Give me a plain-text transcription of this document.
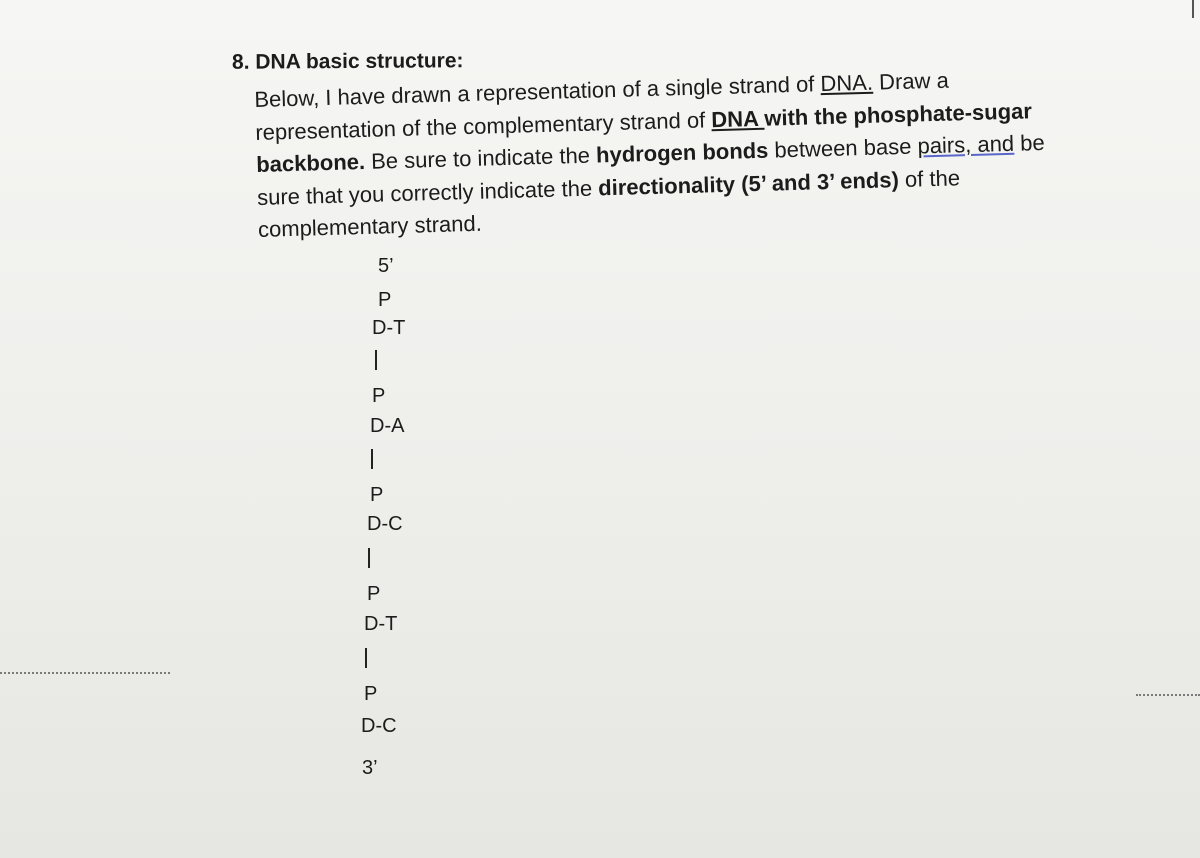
8. DNA basic structure:

Below, I have drawn a representation of a single strand of DNA. Draw a

representation of the complementary strand of DNA with the phosphate-sugar

backbone. Be sure to indicate the hydrogen bonds between base pairs, and be

sure that you correctly indicate the directionality (5’ and 3’ ends) of the

complementary strand.

5’
P
D-T
P
D-A
P
D-C
P
D-T
P
D-C
3’
